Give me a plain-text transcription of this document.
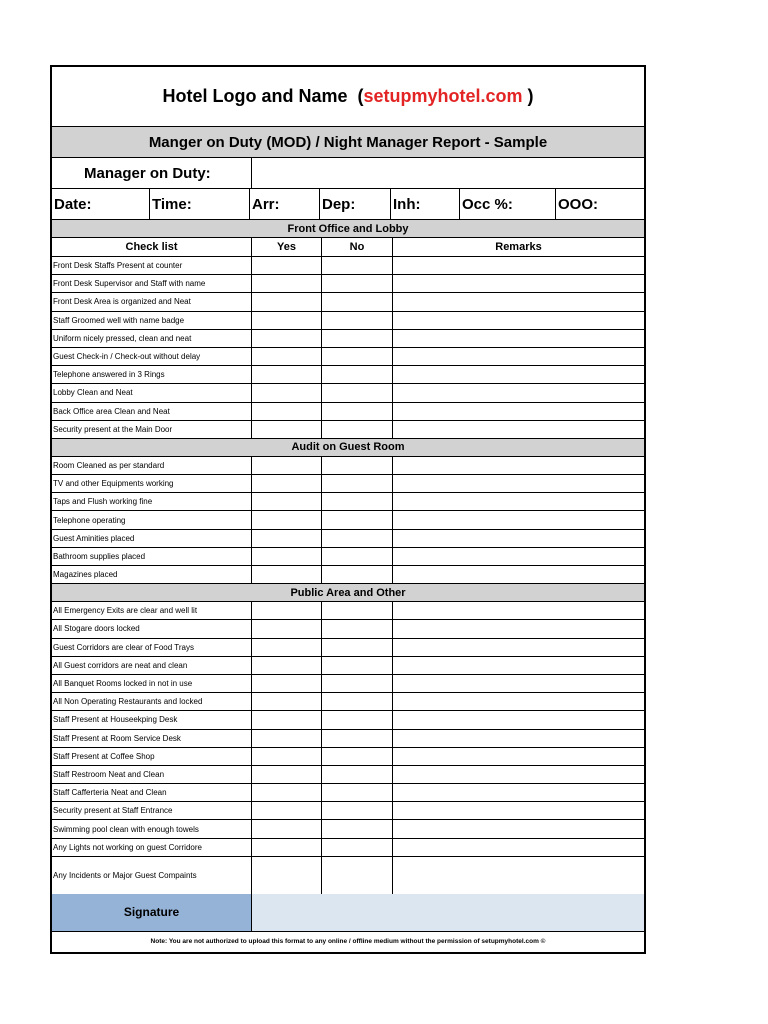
Hotel Logo and Name  ( setupmyhotel.com )
Manger on Duty (MOD) / Night Manager Report - Sample
Manager on Duty:
Date:	Time:	Arr:	Dep:	Inh:	Occ %:	OOO:
Front Office and Lobby
Check list	Yes	No	Remarks
Front Desk Staffs Present at counter
Front Desk Supervisor and Staff with name
Front Desk Area is organized and Neat
Staff Groomed well with name badge
Uniform nicely pressed, clean and neat
Guest Check-in / Check-out without delay
Telephone answered in 3 Rings
Lobby Clean and Neat
Back Office area Clean and Neat
Security present at the Main Door
Audit on Guest Room
Room Cleaned as per standard
TV and other Equipments working
Taps and Flush working fine
Telephone operating
Guest Aminities placed
Bathroom supplies placed
Magazines placed
Public Area and Other
All Emergency Exits are clear and well lit
All Stogare doors locked
Guest Corridors are clear of Food Trays
All Guest corridors are neat and clean
All Banquet Rooms locked in not in use
All Non Operating Restaurants and locked
Staff Present at Houseekping Desk
Staff Present at Room Service Desk
Staff Present at Coffee Shop
Staff Restroom Neat and Clean
Staff Cafferteria Neat and Clean
Security present at Staff Entrance
Swimming pool clean with enough towels
Any Lights not working on guest Corridore
Any Incidents or Major Guest Compaints
Signature
Note: You are not authorized to upload this format to any online / offline medium without the permission of setupmyhotel.com ©
